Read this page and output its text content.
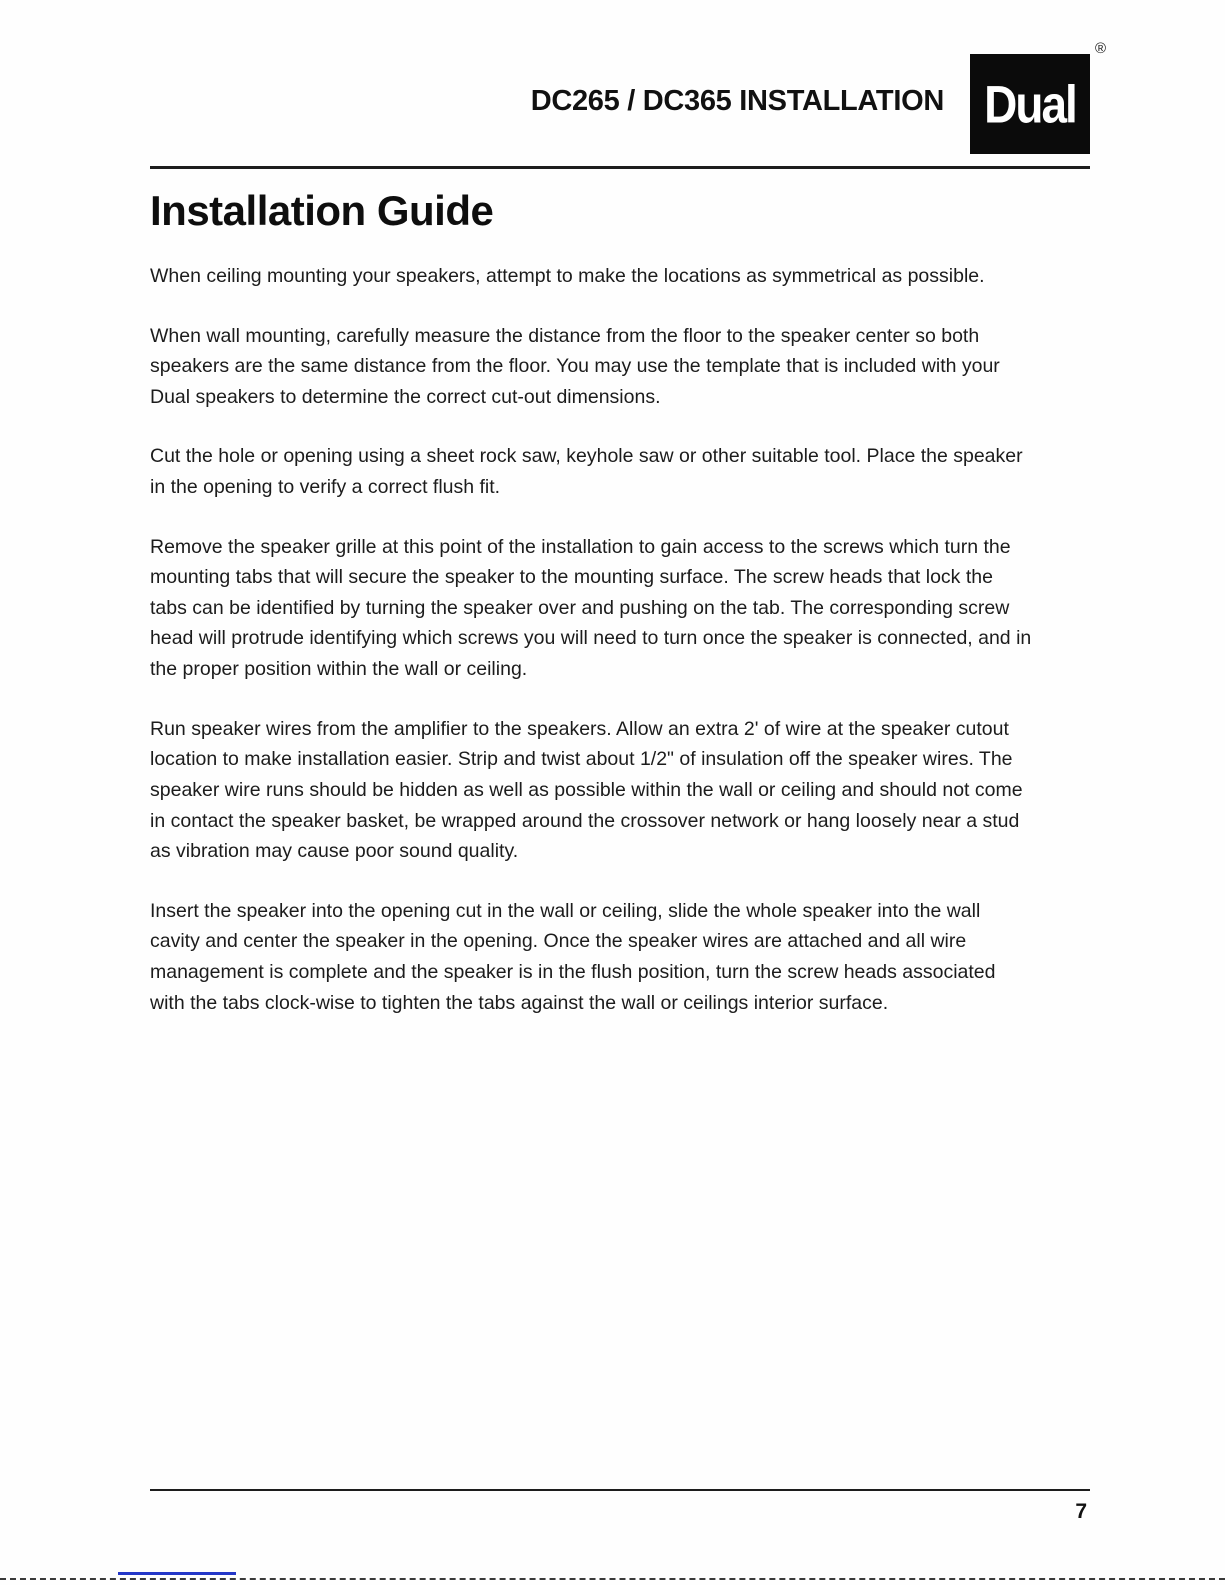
DC265 / DC365 INSTALLATION Dual
®
Installation Guide

When ceiling mounting your speakers, attempt to make the locations as symmetrical as possible.

When wall mounting, carefully measure the distance from the floor to the speaker center so both speakers are the same distance from the floor. You may use the template that is included with your Dual speakers to determine the correct cut-out dimensions.

Cut the hole or opening using a sheet rock saw, keyhole saw or other suitable tool. Place the speaker in the opening to verify a correct flush fit.

Remove the speaker grille at this point of the installation to gain access to the screws which turn the mounting tabs that will secure the speaker to the mounting surface. The screw heads that lock the tabs can be identified by turning the speaker over and pushing on the tab. The corresponding screw head will protrude identifying which screws you will need to turn once the speaker is connected, and in the proper position within the wall or ceiling.

Run speaker wires from the amplifier to the speakers. Allow an extra 2' of wire at the speaker cutout location to make installation easier. Strip and twist about 1/2" of insulation off the speaker wires. The speaker wire runs should be hidden as well as possible within the wall or ceiling and should not come in contact the speaker basket, be wrapped around the crossover network or hang loosely near a stud as vibration may cause poor sound quality.

Insert the speaker into the opening cut in the wall or ceiling, slide the whole speaker into the wall cavity and center the speaker in the opening. Once the speaker wires are attached and all wire management is complete and the speaker is in the flush position, turn the screw heads associated with the tabs clock-wise to tighten the tabs against the wall or ceilings interior surface.

7
